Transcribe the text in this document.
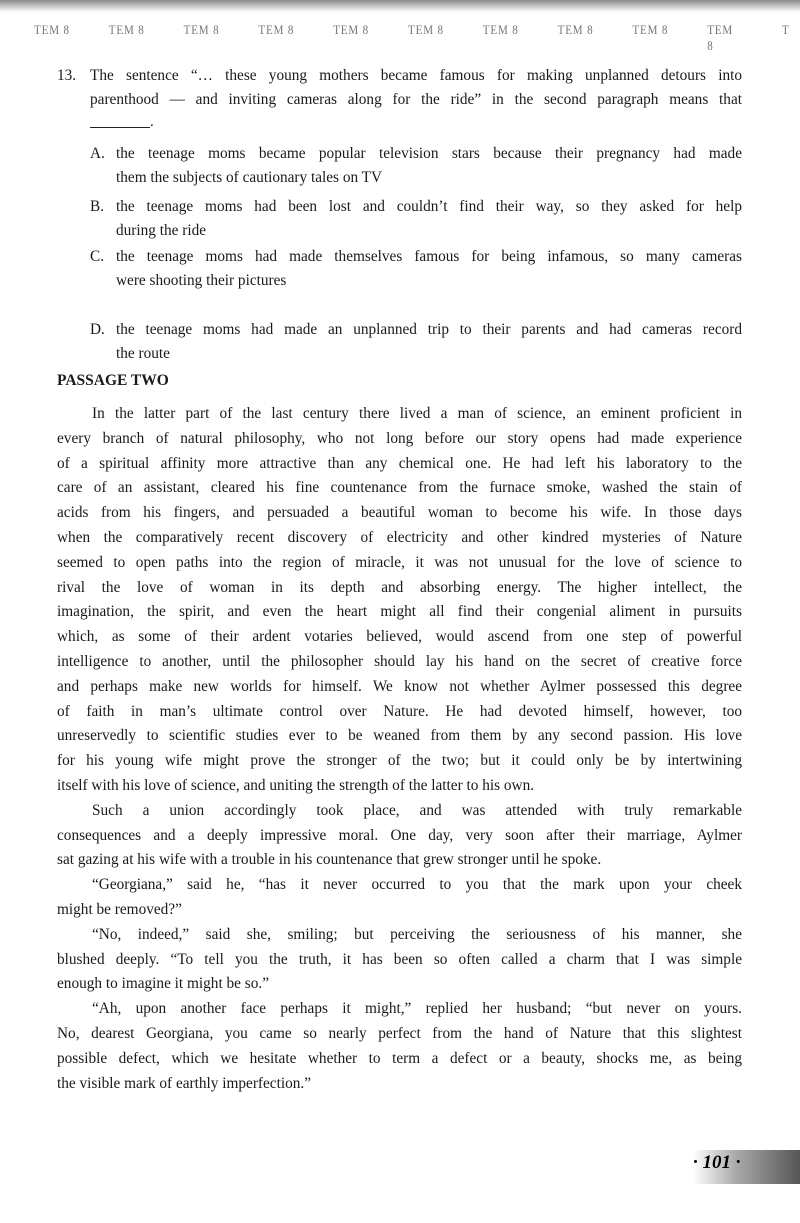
TEM 8	TEM 8	TEM 8	TEM 8	TEM 8	TEM 8	TEM 8	TEM 8	TEM 8	TEM 8
T
13. The sentence “… these young mothers became famous for making unplanned detours into
parenthood — and inviting cameras along for the ride” in the second paragraph means that
A. the teenage moms became popular television stars because their pregnancy had made
them the subjects of cautionary tales on TV
B. the teenage moms had been lost and couldn’t find their way, so they asked for help
during the ride
C. the teenage moms had made themselves famous for being infamous, so many cameras
were shooting their pictures
D. the teenage moms had made an unplanned trip to their parents and had cameras record
the route
.
PASSAGE TWO
In the latter part of the last century there lived a man of science, an eminent proficient in
every branch of natural philosophy, who not long before our story opens had made experience
of a spiritual affinity more attractive than any chemical one. He had left his laboratory to the
care of an assistant, cleared his fine countenance from the furnace smoke, washed the stain of
acids from his fingers, and persuaded a beautiful woman to become his wife. In those days
when the comparatively recent discovery of electricity and other kindred mysteries of Nature
seemed to open paths into the region of miracle, it was not unusual for the love of science to
rival the love of woman in its depth and absorbing energy. The higher intellect, the
imagination, the spirit, and even the heart might all find their congenial aliment in pursuits
which, as some of their ardent votaries believed, would ascend from one step of powerful
intelligence to another, until the philosopher should lay his hand on the secret of creative force
and perhaps make new worlds for himself. We know not whether Aylmer possessed this degree
of faith in man’s ultimate control over Nature. He had devoted himself, however, too
unreservedly to scientific studies ever to be weaned from them by any second passion. His love
for his young wife might prove the stronger of the two; but it could only be by intertwining
itself with his love of science, and uniting the strength of the latter to his own.
Such a union accordingly took place, and was attended with truly remarkable
consequences and a deeply impressive moral. One day, very soon after their marriage, Aylmer
sat gazing at his wife with a trouble in his countenance that grew stronger until he spoke.
“Georgiana,” said he, “has it never occurred to you that the mark upon your cheek
might be removed?”
“No, indeed,” said she, smiling; but perceiving the seriousness of his manner, she
blushed deeply. “To tell you the truth, it has been so often called a charm that I was simple
enough to imagine it might be so.”
“Ah, upon another face perhaps it might,” replied her husband; “but never on yours.
No, dearest Georgiana, you came so nearly perfect from the hand of Nature that this slightest
possible defect, which we hesitate whether to term a defect or a beauty, shocks me, as being
the visible mark of earthly imperfection.”
· 101 ·
